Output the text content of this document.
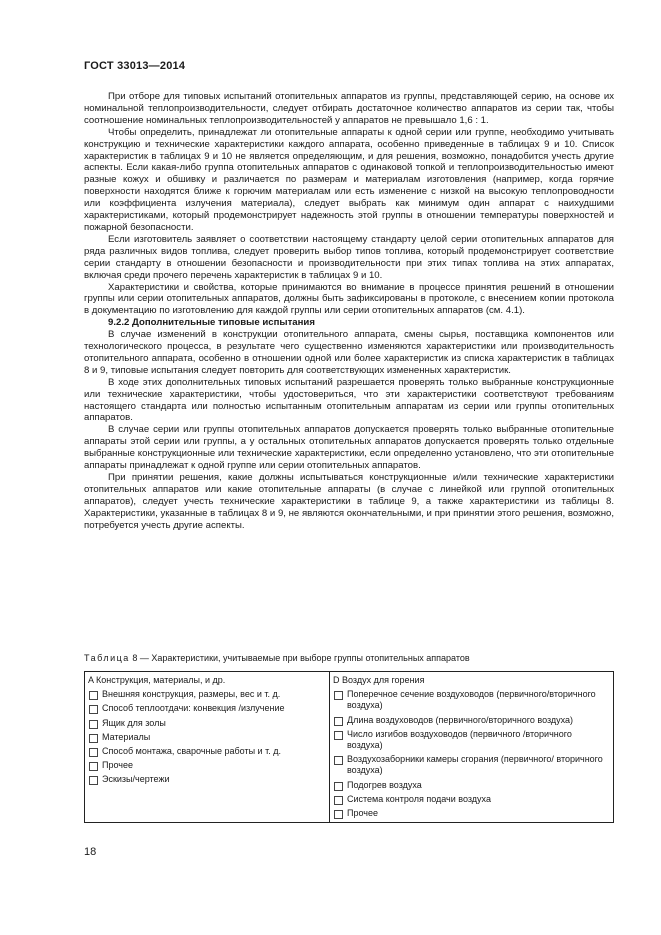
ГОСТ 33013—2014

При отборе для типовых испытаний отопительных аппаратов из группы, представляющей серию, на основе их номинальной теплопроизводительности, следует отбирать достаточное количество аппаратов из серии так, чтобы соотношение номинальных теплопроизводительностей у аппаратов не превышало 1,6 : 1.

Чтобы определить, принадлежат ли отопительные аппараты к одной серии или группе, необходимо учитывать конструкцию и технические характеристики каждого аппарата, особенно приведенные в таблицах 9 и 10. Список характеристик в таблицах 9 и 10 не является определяющим, и для решения, возможно, понадобится учесть другие аспекты. Если какая-либо группа отопительных аппаратов с одинаковой топкой и теплопроизводительностью имеют разные кожух и обшивку и различается по размерам и материалам изготовления (например, когда горячие поверхности находятся ближе к горючим материалам или есть изменение с низкой на высокую теплопроводности или коэффициента излучения материала), следует выбрать как минимум один аппарат с наихудшими характеристиками, который продемонстрирует надежность этой группы в отношении температуры поверхностей и пожарной безопасности.

Если изготовитель заявляет о соответствии настоящему стандарту целой серии отопительных аппаратов для ряда различных видов топлива, следует проверить выбор типов топлива, который продемонстрирует соответствие серии стандарту в отношении безопасности и производительности при этих типах топлива на этих аппаратах, включая среди прочего перечень характеристик в таблицах 9 и 10.

Характеристики и свойства, которые принимаются во внимание в процессе принятия решений в отношении группы или серии отопительных аппаратов, должны быть зафиксированы в протоколе, с внесением копии протокола в документацию по изготовлению для каждой группы или серии отопительных аппаратов (см. 4.1).

9.2.2 Дополнительные типовые испытания

В случае изменений в конструкции отопительного аппарата, смены сырья, поставщика компонентов или технологического процесса, в результате чего существенно изменяются характеристики или производительность отопительного аппарата, особенно в отношении одной или более характеристик из списка характеристик в таблицах 8 и 9, типовые испытания следует повторить для соответствующих измененных характеристик.

В ходе этих дополнительных типовых испытаний разрешается проверять только выбранные конструкционные или технические характеристики, чтобы удостовериться, что эти характеристики соответствуют требованиям настоящего стандарта или полностью испытанным отопительным аппаратам из серии или группы отопительных аппаратов.

В случае серии или группы отопительных аппаратов допускается проверять только выбранные отопительные аппараты этой серии или группы, а у остальных отопительных аппаратов допускается проверять только отдельные выбранные конструкционные или технические характеристики, если определенно установлено, что эти отопительные аппараты принадлежат к одной группе или серии отопительных аппаратов.

При принятии решения, какие должны испытываться конструкционные и/или технические характеристики отопительных аппаратов или какие отопительные аппараты (в случае с линейкой или группой отопительных аппаратов), следует учесть технические характеристики в таблице 9, а также характеристики из таблицы 8. Характеристики, указанные в таблицах 8 и 9, не являются окончательными, и при принятии этого решения, возможно, потребуется учесть другие аспекты.

Таблица 8 — Характеристики, учитываемые при выборе группы отопительных аппаратов
A Конструкция, материалы, и др.
Внешняя конструкция, размеры, вес и т. д.
Способ теплоотдачи: конвекция /излучение
Ящик для золы
Материалы
Способ монтажа, сварочные работы и т. д.
Прочее
Эскизы/чертежи

D Воздух для горения
Поперечное сечение воздуховодов (первичного/вторичного воздуха)
Длина воздуховодов (первичного/вторичного воздуха)
Число изгибов воздуховодов (первичного /вторичного воздуха)
Воздухозаборники камеры сгорания (первичного/ вторичного воздуха)
Подогрев воздуха
Система контроля подачи воздуха
Прочее
18
